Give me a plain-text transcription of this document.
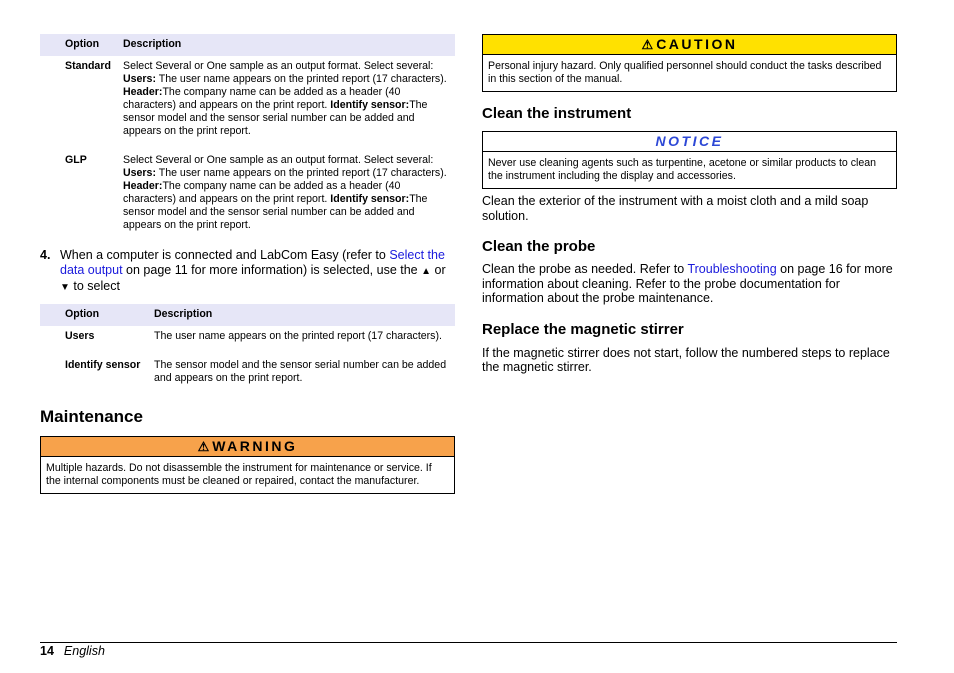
Option	Description
Standard	Select Several or One sample as an output format. Select several: Users: The user name appears on the printed report (17 characters). Header:The company name can be added as a header (40 characters) and appears on the print report. Identify sensor:The sensor model and the sensor serial number can be added and appears on the print report.
GLP	Select Several or One sample as an output format. Select several: Users: The user name appears on the printed report (17 characters). Header:The company name can be added as a header (40 characters) and appears on the print report. Identify sensor:The sensor model and the sensor serial number can be added and appears on the print report.
4. When a computer is connected and LabCom Easy (refer to Select the data output on page 11 for more information) is selected, use the ▲ or ▼ to select
Option	Description
Users	The user name appears on the printed report (17 characters).
Identify sensor	The sensor model and the sensor serial number can be added and appears on the print report.
Maintenance
⚠ WARNING
Multiple hazards. Do not disassemble the instrument for maintenance or service. If the internal components must be cleaned or repaired, contact the manufacturer.
⚠ CAUTION
Personal injury hazard. Only qualified personnel should conduct the tasks described in this section of the manual.
Clean the instrument
NOTICE
Never use cleaning agents such as turpentine, acetone or similar products to clean the instrument including the display and accessories.

Clean the exterior of the instrument with a moist cloth and a mild soap solution.

Clean the probe

Clean the probe as needed. Refer to Troubleshooting on page 16 for more information about cleaning. Refer to the probe documentation for information about the probe maintenance.

Replace the magnetic stirrer

If the magnetic stirrer does not start, follow the numbered steps to replace the magnetic stirrer.

14 English
